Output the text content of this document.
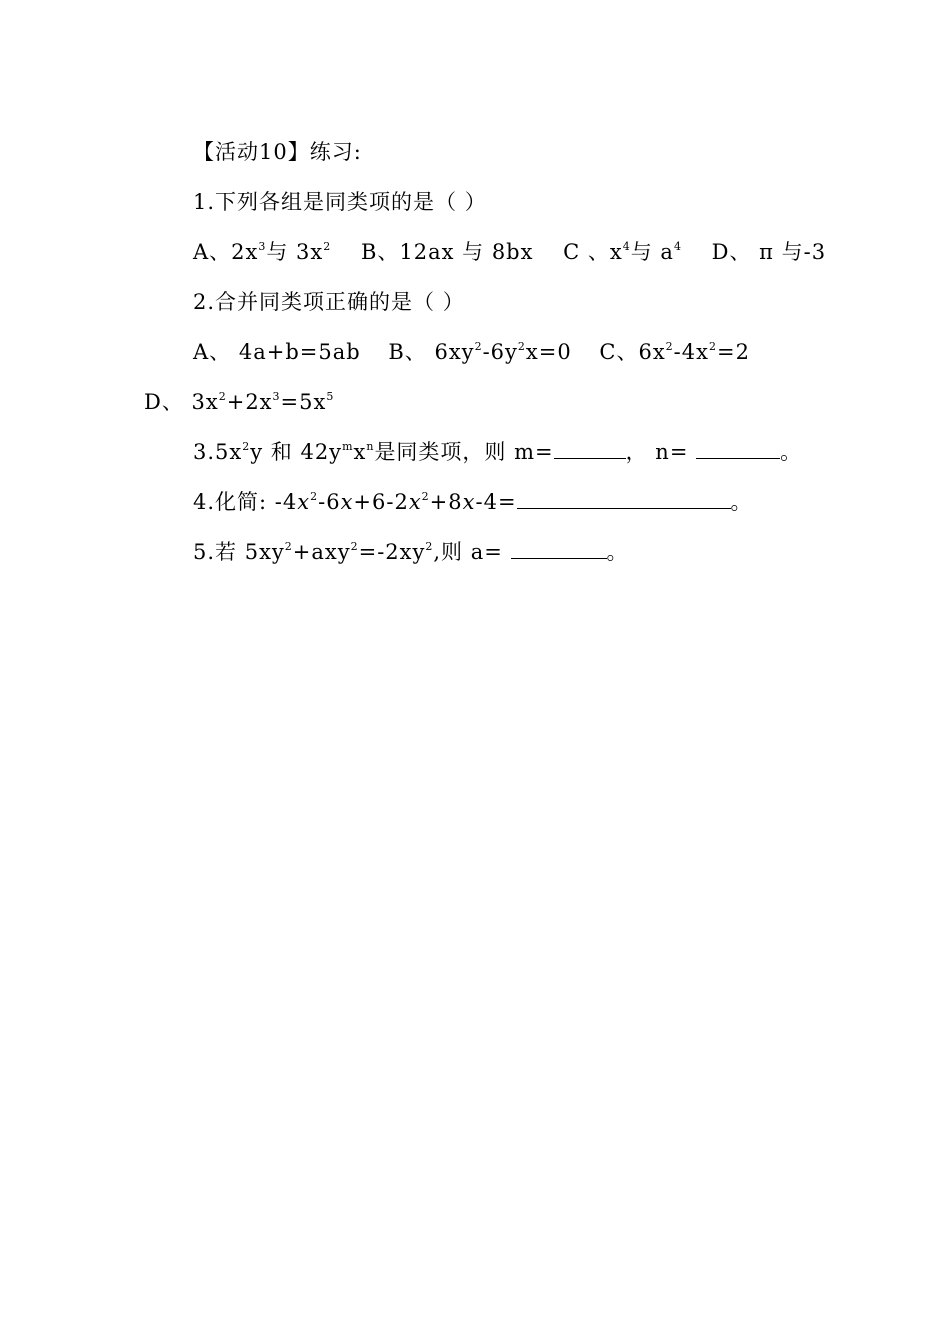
【活动10】练习:
1.下列各组是同类项的是（ ）
A、$2x^3$与 $3x^2$ B、12ax 与 8bx C 、$x^4$与 $a^4$ D、 π 与-3
2.合并同类项正确的是（ ）
A、 4a+b=5ab B、 $6xy^2-6y^2x=0$ C、$6x^2-4x^2=2$
D、 $3x^2+2x^3=5x^5$
$3.5x^2y$ 和 $42y^mx^n$是同类项，则 m=	， n=	。
4.化简: $-4x^2-6x+6-2x^2+8x-4=$	。
5.若 $5xy^2+axy^2=-2xy^2$,则 a=	。
